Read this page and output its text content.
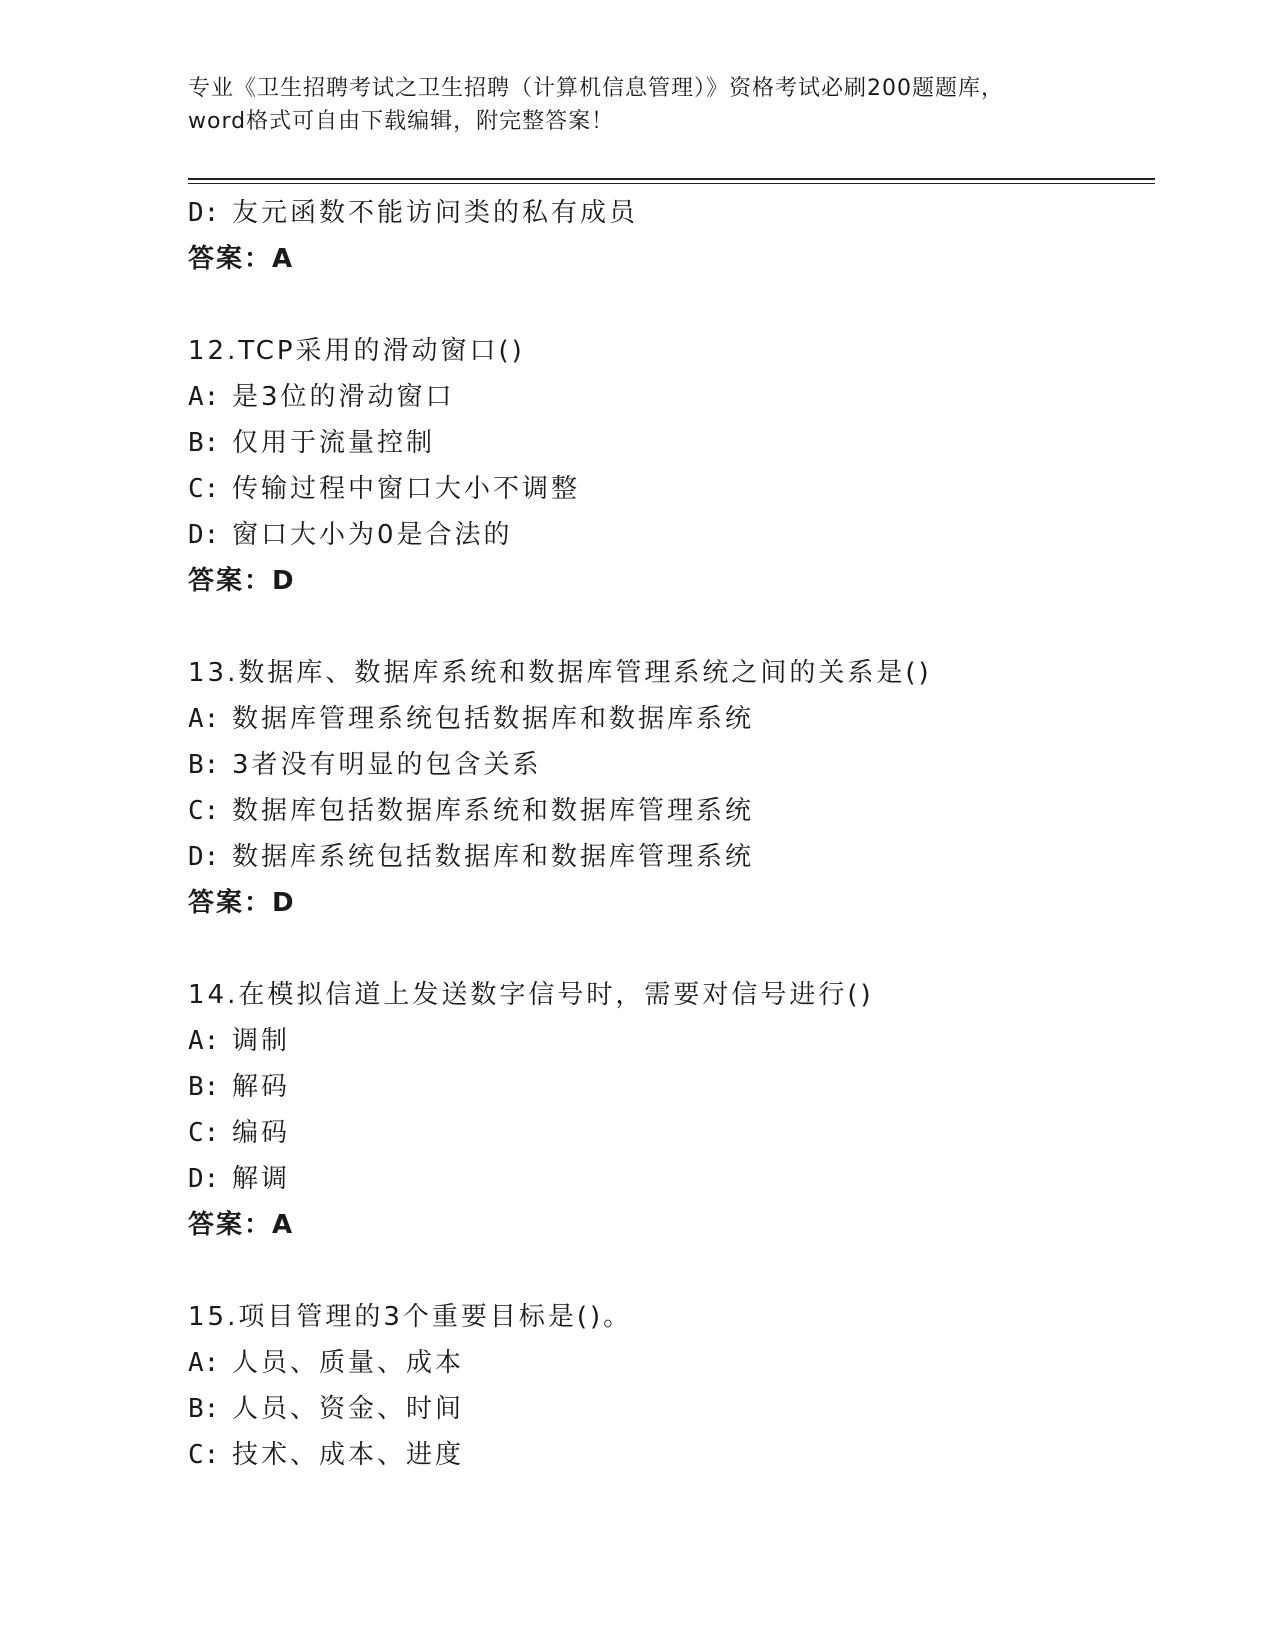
专业《卫生招聘考试之卫生招聘（计算机信息管理）》资格考试必刷200题题库，
word格式可自由下载编辑，附完整答案！
D: 友元函数不能访问类的私有成员
答案：A
12.TCP采用的滑动窗口()
A: 是3位的滑动窗口
B: 仅用于流量控制
C: 传输过程中窗口大小不调整
D: 窗口大小为0是合法的
答案：D
13.数据库、数据库系统和数据库管理系统之间的关系是()
A: 数据库管理系统包括数据库和数据库系统
B: 3者没有明显的包含关系
C: 数据库包括数据库系统和数据库管理系统
D: 数据库系统包括数据库和数据库管理系统
答案：D
14.在模拟信道上发送数字信号时，需要对信号进行()
A: 调制
B: 解码
C: 编码
D: 解调
答案：A
15.项目管理的3个重要目标是()。
A: 人员、质量、成本
B: 人员、资金、时间
C: 技术、成本、进度
